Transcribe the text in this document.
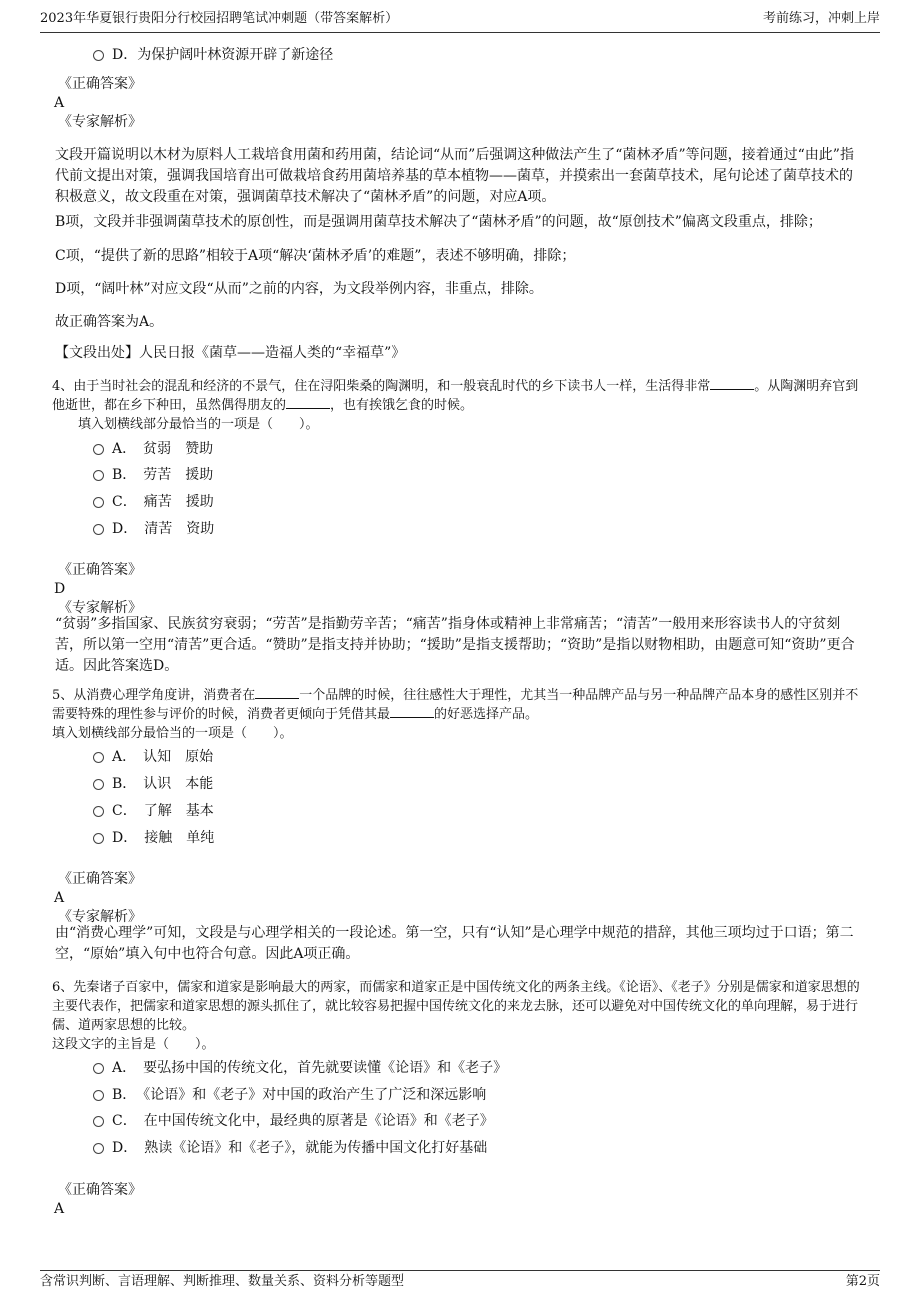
2023年华夏银行贵阳分行校园招聘笔试冲刺题（带答案解析）	考前练习，冲刺上岸
D．为保护阔叶林资源开辟了新途径
《正确答案》
A
《专家解析》
文段开篇说明以木材为原料人工栽培食用菌和药用菌，结论词“从而”后强调这种做法产生了“菌林矛盾”等问题，接着通过“由此”指代前文提出对策，强调我国培育出可做栽培食药用菌培养基的草本植物——菌草，并摸索出一套菌草技术，尾句论述了菌草技术的积极意义，故文段重在对策，强调菌草技术解决了“菌林矛盾”的问题，对应A项。
B项，文段并非强调菌草技术的原创性，而是强调用菌草技术解决了“菌林矛盾”的问题，故“原创技术”偏离文段重点，排除；
C项，“提供了新的思路”相较于A项“解决‘菌林矛盾’的难题”，表述不够明确，排除；
D项，“阔叶林”对应文段“从而”之前的内容，为文段举例内容，非重点，排除。
故正确答案为A。
【文段出处】人民日报《菌草——造福人类的“幸福草”》
4、由于当时社会的混乱和经济的不景气，住在浔阳柴桑的陶渊明，和一般衰乱时代的乡下读书人一样，生活得非常	。从陶渊明弃官到他逝世，都在乡下种田，虽然偶得朋友的	，也有挨饿乞食的时候。
填入划横线部分最恰当的一项是（　　）。
A．　贫弱　赞助
B．　劳苦　援助
C．　痛苦　援助
D．　清苦　资助
《正确答案》
D
《专家解析》
“贫弱”多指国家、民族贫穷衰弱；“劳苦”是指勤劳辛苦；“痛苦”指身体或精神上非常痛苦；“清苦”一般用来形容读书人的守贫刻苦，所以第一空用“清苦”更合适。“赞助”是指支持并协助；“援助”是指支援帮助；“资助”是指以财物相助，由题意可知“资助”更合适。因此答案选D。
5、从消费心理学角度讲，消费者在	一个品牌的时候，往往感性大于理性，尤其当一种品牌产品与另一种品牌产品本身的感性区别并不需要特殊的理性参与评价的时候，消费者更倾向于凭借其最	的好恶选择产品。
填入划横线部分最恰当的一项是（　　）。
A．　认知　原始
B．　认识　本能
C．　了解　基本
D．　接触　单纯
《正确答案》
A
《专家解析》
由“消费心理学”可知，文段是与心理学相关的一段论述。第一空，只有“认知”是心理学中规范的措辞，其他三项均过于口语；第二空，“原始”填入句中也符合句意。因此A项正确。
6、先秦诸子百家中，儒家和道家是影响最大的两家，而儒家和道家正是中国传统文化的两条主线。《论语》、《老子》分别是儒家和道家思想的主要代表作，把儒家和道家思想的源头抓住了，就比较容易把握中国传统文化的来龙去脉，还可以避免对中国传统文化的单向理解，易于进行儒、道两家思想的比较。
这段文字的主旨是（　　）。
A．　要弘扬中国的传统文化，首先就要读懂《论语》和《老子》
B．　《论语》和《老子》对中国的政治产生了广泛和深远影响
C．　在中国传统文化中，最经典的原著是《论语》和《老子》
D．　熟读《论语》和《老子》，就能为传播中国文化打好基础
《正确答案》
A
含常识判断、言语理解、判断推理、数量关系、资料分析等题型	第2页
